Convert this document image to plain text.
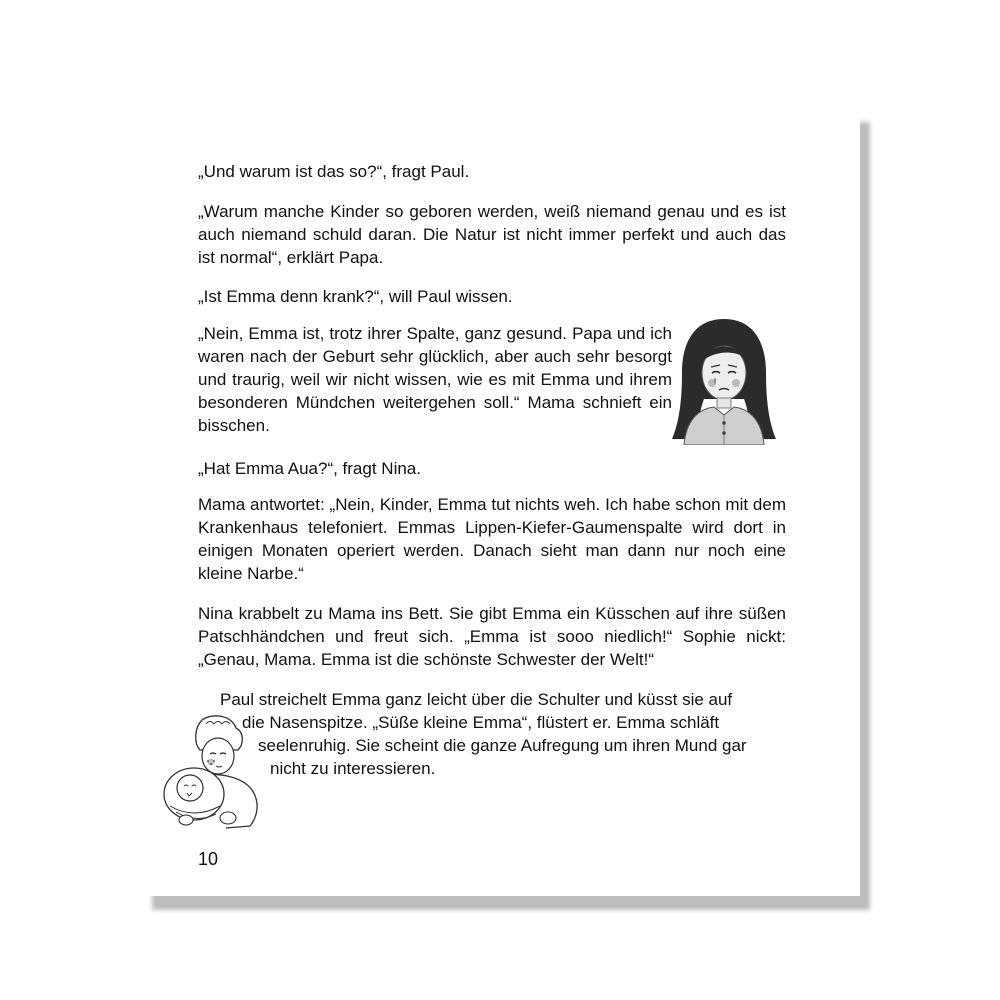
„Und warum ist das so?“, fragt Paul.

„Warum manche Kinder so geboren werden, weiß niemand genau und es ist auch niemand schuld daran. Die Natur ist nicht immer perfekt und auch das ist normal“, erklärt Papa.

„Ist Emma denn krank?“, will Paul wissen.

„Nein, Emma ist, trotz ihrer Spalte, ganz gesund. Papa und ich waren nach der Geburt sehr glücklich, aber auch sehr besorgt und traurig, weil wir nicht wissen, wie es mit Emma und ihrem besonderen Mündchen weitergehen soll.“ Mama schnieft ein bisschen.

„Hat Emma Aua?“, fragt Nina.

Mama antwortet: „Nein, Kinder, Emma tut nichts weh. Ich habe schon mit dem Krankenhaus telefoniert. Emmas Lippen-Kiefer-Gaumenspalte wird dort in einigen Monaten operiert werden. Danach sieht man dann nur noch eine kleine Narbe.“

Nina krabbelt zu Mama ins Bett. Sie gibt Emma ein Küsschen auf ihre süßen Patschhändchen und freut sich. „Emma ist sooo niedlich!“ Sophie nickt: „Genau, Mama. Emma ist die schönste Schwester der Welt!“

Paul streichelt Emma ganz leicht über die Schulter und küsst sie auf
die Nasenspitze. „Süße kleine Emma“, flüstert er. Emma schläft
seelenruhig. Sie scheint die ganze Aufregung um ihren Mund gar
nicht zu interessieren.
10
